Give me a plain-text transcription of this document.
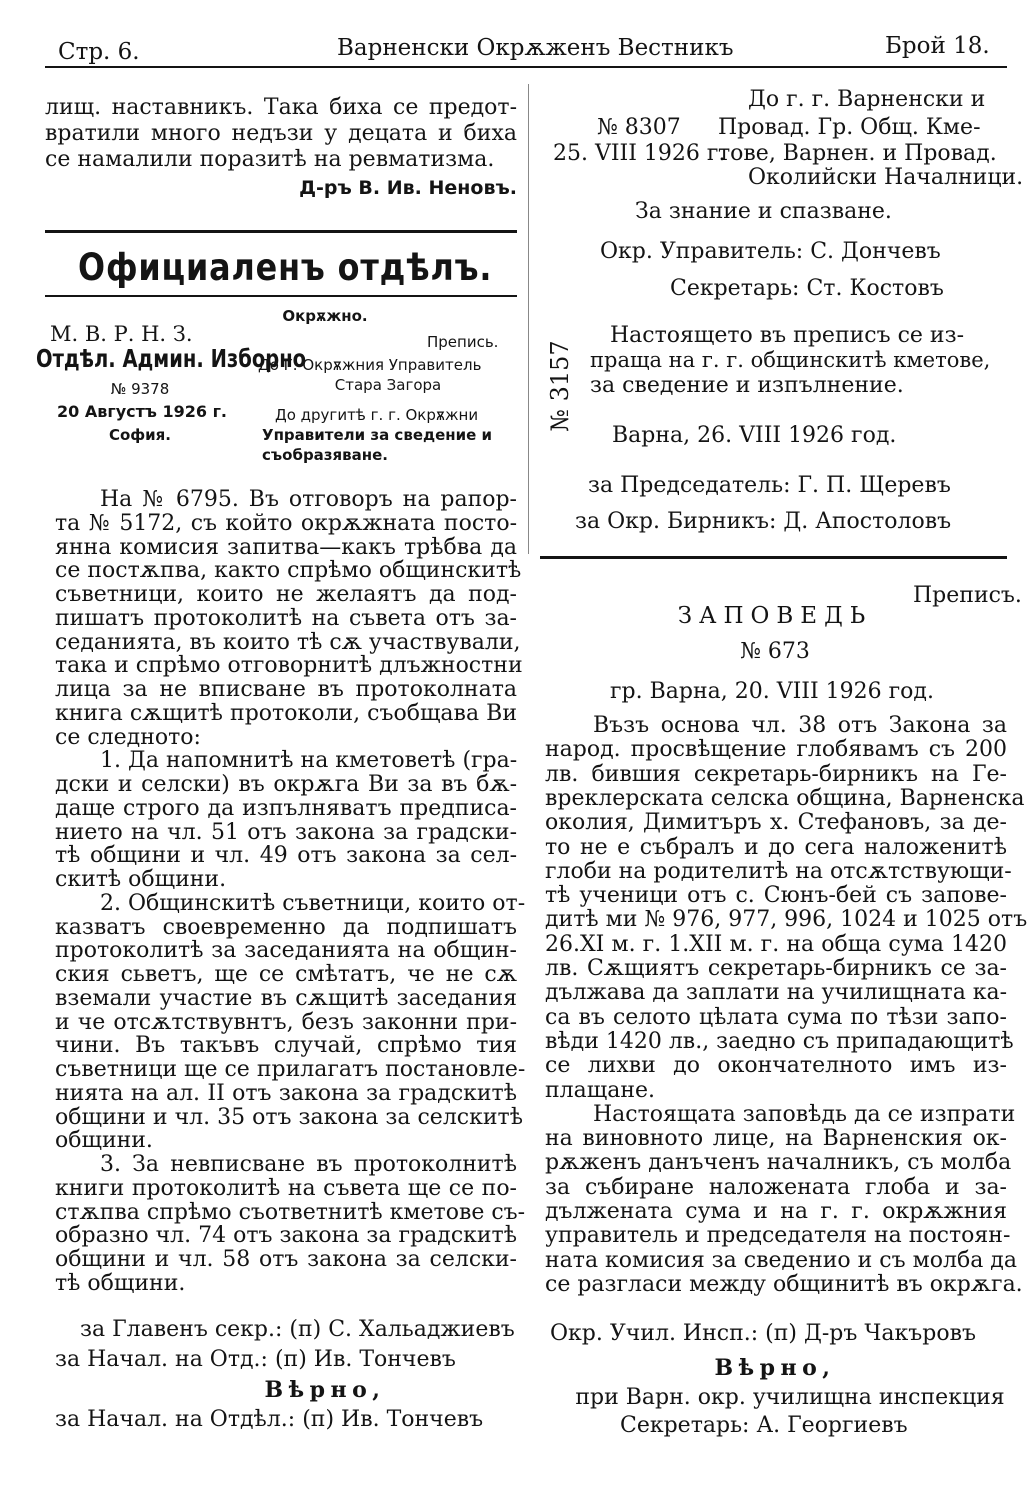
Стр. 6.	Варненски Окрѫженъ Вестникъ	Брой 18.
лищ. наставникъ. Така биха се предот-
вратили много недъзи у децата и биха
се намалили поразитѣ на ревматизма.
Д-ръ В. Ив. Неновъ.
Официаленъ отдѣлъ.
М. В. Р. Н. З.
Отдѣл. Админ. Изборно
№ 9378
20 Августъ 1926 г.
София.
Окрѫжно.
Препись.
До Г. Окрѫжния Управитель
Стара Загора
До другитѣ г. г. Окрѫжни
Управители за сведение и
съобразяване.
На № 6795. Въ отговоръ на рапор-
та № 5172, съ който окрѫжната посто-
янна комисия запитва—какъ трѣбва да
се постѫпва, както спрѣмо общинскитѣ
съветници, които не желаятъ да под-
пишатъ протоколитѣ на съвета отъ за-
седанията, въ които тѣ сѫ участвували,
така и спрѣмо отговорнитѣ длъжностни
лица за не вписване въ протоколната
книга сѫщитѣ протоколи, съобщава Ви
се следното:
1. Да напомнитѣ на кметоветѣ (гра-
дски и селски) въ окрѫга Ви за въ бѫ-
даще строго да изпълняватъ предписа-
нието на чл. 51 отъ закона за градски-
тѣ общини и чл. 49 отъ закона за сел-
скитѣ общини.
2. Общинскитѣ съветници, които от-
казватъ своевременно да подпишатъ
протоколитѣ за заседанията на общин-
ския сьветъ, ще се смѣтатъ, че не сѫ
вземали участие въ сѫщитѣ заседания
и че отсѫтствувнтъ, безъ законни при-
чини. Въ такъвъ случай, спрѣмо тия
съветници ще се прилагатъ постановле-
нията на ал. II отъ закона за градскитѣ
общини и чл. 35 отъ закона за селскитѣ
общини.
3. За невписване въ протоколнитѣ
книги протоколитѣ на съвета ще се по-
стѫпва спрѣмо съответнитѣ кметове съ-
образно чл. 74 отъ закона за градскитѣ
общини и чл. 58 отъ закона за селски-
тѣ общини.
за Главенъ секр.: (п) С. Хальаджиевъ
за Начал. на Отд.: (п) Ив. Тончевъ
Вѣрно,
за Начал. на Отдѣл.: (п) Ив. Тончевъ
№ 8307
25. VIII 1926 г.
До г. г. Варненски и
Провад. Гр. Общ. Кме-
тове, Варнен. и Провад.
Околийски Началници.
За знание и спазване.
Окр. Управитель: С. Дончевъ
Секретарь: Ст. Костовъ
№ 3157
Настоящето въ преписъ се из-
праща на г. г. общинскитѣ кметове,
за сведение и изпълнение.
Варна, 26. VIII 1926 год.
за Председатель: Г. П. Щеревъ
за Окр. Бирникъ: Д. Апостоловъ
Преписъ.
ЗАПОВЕДЬ
№ 673
гр. Варна, 20. VIII 1926 год.
Възъ основа чл. 38 отъ Закона за
народ. просвѣщение глобявамъ съ 200
лв. бившия секретарь-бирникъ на Ге-
вреклерската селска община, Варненска
околия, Димитъръ х. Стефановъ, за де-
то не е събралъ и до сега наложенитѣ
глоби на родителитѣ на отсѫтствующи-
тѣ ученици отъ с. Сюнъ-бей съ запове-
дитѣ ми № 976, 977, 996, 1024 и 1025 отъ
26.XI м. г. 1.XII м. г. на обща сума 1420
лв. Сѫщиятъ секретарь-бирникъ се за-
дължава да заплати на училищната ка-
са въ селото цѣлата сума по тѣзи запо-
вѣди 1420 лв., заедно съ припадающитѣ
се лихви до окончателното имъ из-
плащане.
Настоящата заповѣдь да се изпрати
на виновното лице, на Варненския ок-
рѫженъ данъченъ началникъ, съ молба
за събиране наложената глоба и за-
дължената сума и на г. г. окрѫжния
управитель и председателя на постоян-
ната комисия за сведенио и съ молба да
се разгласи между общинитѣ въ окрѫга.
Окр. Учил. Инсп.: (п) Д-ръ Чакъровъ
Вѣрно,
при Варн. окр. училищна инспекция
Секретарь: А. Георгиевъ
